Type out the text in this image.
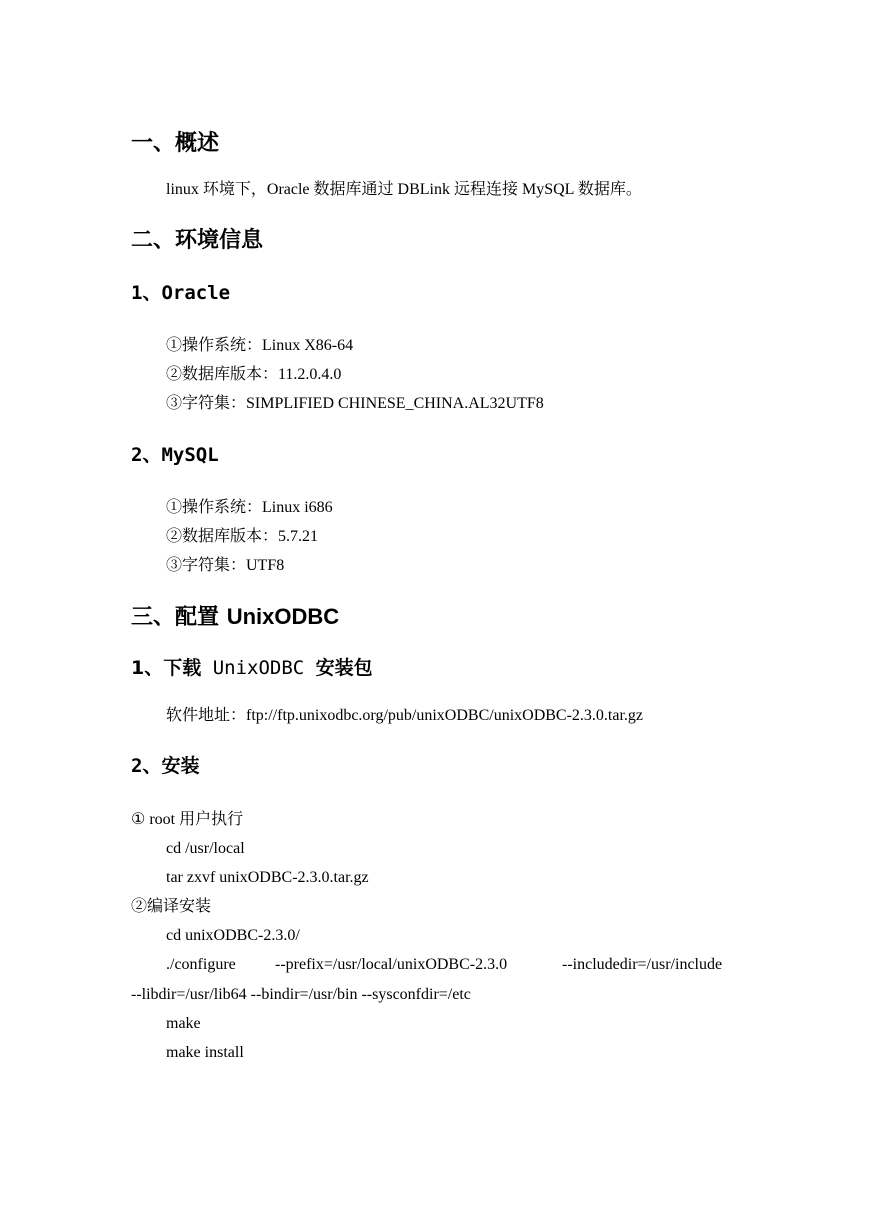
一、概述
linux 环境下，Oracle 数据库通过 DBLink 远程连接 MySQL 数据库。
二、环境信息
1、Oracle
①操作系统：Linux X86-64
②数据库版本：11.2.0.4.0
③字符集：SIMPLIFIED CHINESE_CHINA.AL32UTF8
2、MySQL
①操作系统：Linux i686
②数据库版本：5.7.21
③字符集：UTF8
三、配置 UnixODBC
1、下载 UnixODBC 安装包
软件地址：ftp://ftp.unixodbc.org/pub/unixODBC/unixODBC-2.3.0.tar.gz
2、安装
① root 用户执行
cd /usr/local
tar zxvf unixODBC-2.3.0.tar.gz
②编译安装
cd unixODBC-2.3.0/
./configure --prefix=/usr/local/unixODBC-2.3.0	--includedir=/usr/include
--libdir=/usr/lib64 --bindir=/usr/bin --sysconfdir=/etc
make
make install
